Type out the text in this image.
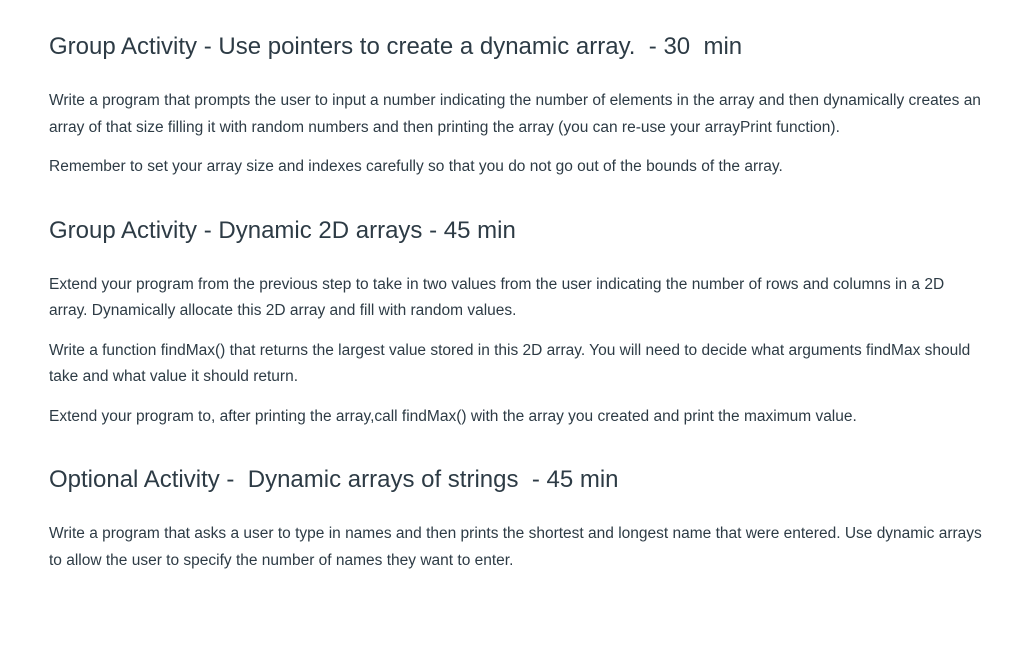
Group Activity - Use pointers to create a dynamic array.  - 30  min

Write a program that prompts the user to input a number indicating the number of elements in the array and then dynamically creates an array of that size filling it with random numbers and then printing the array (you can re-use your arrayPrint function).

Remember to set your array size and indexes carefully so that you do not go out of the bounds of the array.

Group Activity - Dynamic 2D arrays - 45 min

Extend your program from the previous step to take in two values from the user indicating the number of rows and columns in a 2D array. Dynamically allocate this 2D array and fill with random values.

Write a function findMax() that returns the largest value stored in this 2D array. You will need to decide what arguments findMax should take and what value it should return.

Extend your program to, after printing the array,call findMax() with the array you created and print the maximum value.

Optional Activity -  Dynamic arrays of strings  - 45 min

Write a program that asks a user to type in names and then prints the shortest and longest name that were entered. Use dynamic arrays to allow the user to specify the number of names they want to enter.
